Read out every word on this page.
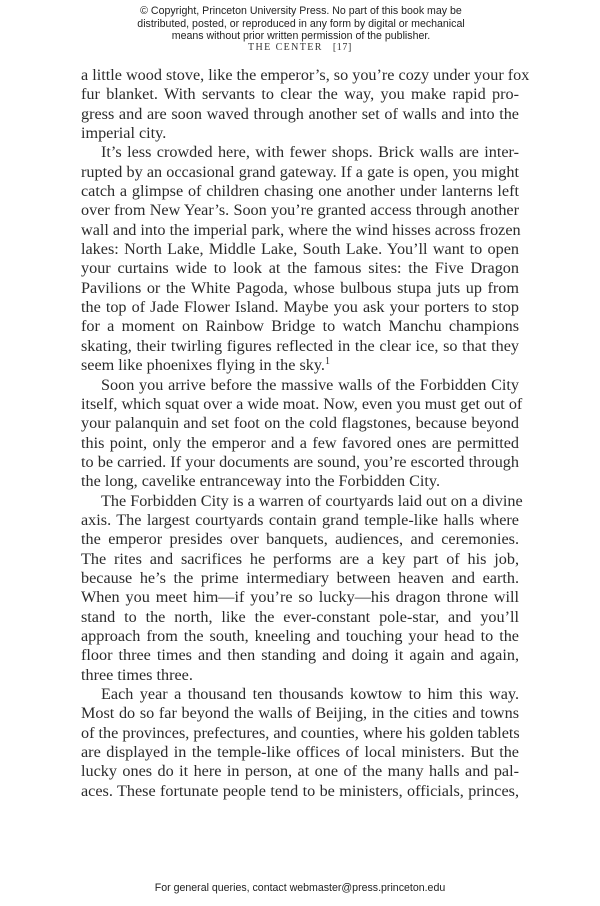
© Copyright, Princeton University Press. No part of this book may be
distributed, posted, or reproduced in any form by digital or mechanical
means without prior written permission of the publisher.
THE CENTER [17]
a little wood stove, like the emperor’s, so you’re cozy under your fox
fur blanket. With servants to clear the way, you make rapid pro-
gress and are soon waved through another set of walls and into the
imperial city.
It’s less crowded here, with fewer shops. Brick walls are inter-
rupted by an occasional grand gateway. If a gate is open, you might
catch a glimpse of children chasing one another under lanterns left
over from New Year’s. Soon you’re granted access through another
wall and into the imperial park, where the wind hisses across frozen
lakes: North Lake, Middle Lake, South Lake. You’ll want to open
your curtains wide to look at the famous sites: the Five Dragon
Pavilions or the White Pagoda, whose bulbous stupa juts up from
the top of Jade Flower Island. Maybe you ask your porters to stop
for a moment on Rainbow Bridge to watch Manchu champions
skating, their twirling figures reflected in the clear ice, so that they
seem like phoenixes flying in the sky.$^1$
Soon you arrive before the massive walls of the Forbidden City
itself, which squat over a wide moat. Now, even you must get out of
your palanquin and set foot on the cold flagstones, because beyond
this point, only the emperor and a few favored ones are permitted
to be carried. If your documents are sound, you’re escorted through
the long, cavelike entranceway into the Forbidden City.
The Forbidden City is a warren of courtyards laid out on a divine
axis. The largest courtyards contain grand temple-like halls where
the emperor presides over banquets, audiences, and ceremonies.
The rites and sacrifices he performs are a key part of his job,
because he’s the prime intermediary between heaven and earth.
When you meet him—if you’re so lucky—his dragon throne will
stand to the north, like the ever-constant pole-star, and you’ll
approach from the south, kneeling and touching your head to the
floor three times and then standing and doing it again and again,
three times three.
Each year a thousand ten thousands kowtow to him this way.
Most do so far beyond the walls of Beijing, in the cities and towns
of the provinces, prefectures, and counties, where his golden tablets
are displayed in the temple-like offices of local ministers. But the
lucky ones do it here in person, at one of the many halls and pal-
aces. These fortunate people tend to be ministers, officials, princes,
For general queries, contact webmaster@press.princeton.edu
